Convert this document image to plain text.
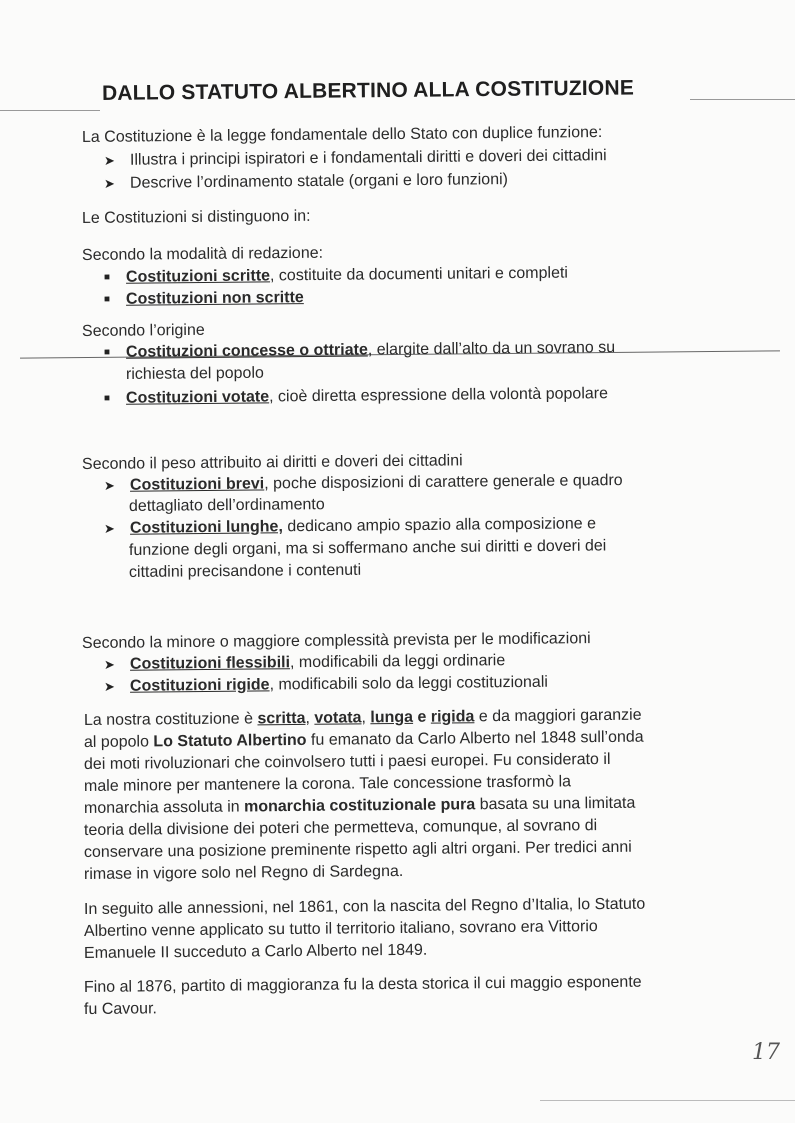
DALLO STATUTO ALBERTINO ALLA COSTITUZIONE
La Costituzione è la legge fondamentale dello Stato con duplice funzione:
➤ Illustra i principi ispiratori e i fondamentali diritti e doveri dei cittadini
➤ Descrive l’ordinamento statale (organi e loro funzioni)
Le Costituzioni si distinguono in:
Secondo la modalità di redazione:
■ Costituzioni scritte, costituite da documenti unitari e completi
■ Costituzioni non scritte
Secondo l’origine
■ Costituzioni concesse o ottriate, elargite dall’alto da un sovrano su
richiesta del popolo
■ Costituzioni votate, cioè diretta espressione della volontà popolare
Secondo il peso attribuito ai diritti e doveri dei cittadini
➤ Costituzioni brevi, poche disposizioni di carattere generale e quadro
dettagliato dell’ordinamento
➤ Costituzioni lunghe, dedicano ampio spazio alla composizione e
funzione degli organi, ma si soffermano anche sui diritti e doveri dei
cittadini precisandone i contenuti
Secondo la minore o maggiore complessità prevista per le modificazioni
➤ Costituzioni flessibili, modificabili da leggi ordinarie
➤ Costituzioni rigide, modificabili solo da leggi costituzionali
La nostra costituzione è scritta, votata, lunga e rigida e da maggiori garanzie
al popolo Lo Statuto Albertino fu emanato da Carlo Alberto nel 1848 sull’onda
dei moti rivoluzionari che coinvolsero tutti i paesi europei. Fu considerato il
male minore per mantenere la corona. Tale concessione trasformò la
monarchia assoluta in monarchia costituzionale pura basata su una limitata
teoria della divisione dei poteri che permetteva, comunque, al sovrano di
conservare una posizione preminente rispetto agli altri organi. Per tredici anni
rimase in vigore solo nel Regno di Sardegna.
In seguito alle annessioni, nel 1861, con la nascita del Regno d’Italia, lo Statuto
Albertino venne applicato su tutto il territorio italiano, sovrano era Vittorio
Emanuele II succeduto a Carlo Alberto nel 1849.
Fino al 1876, partito di maggioranza fu la desta storica il cui maggio esponente
fu Cavour.
17
